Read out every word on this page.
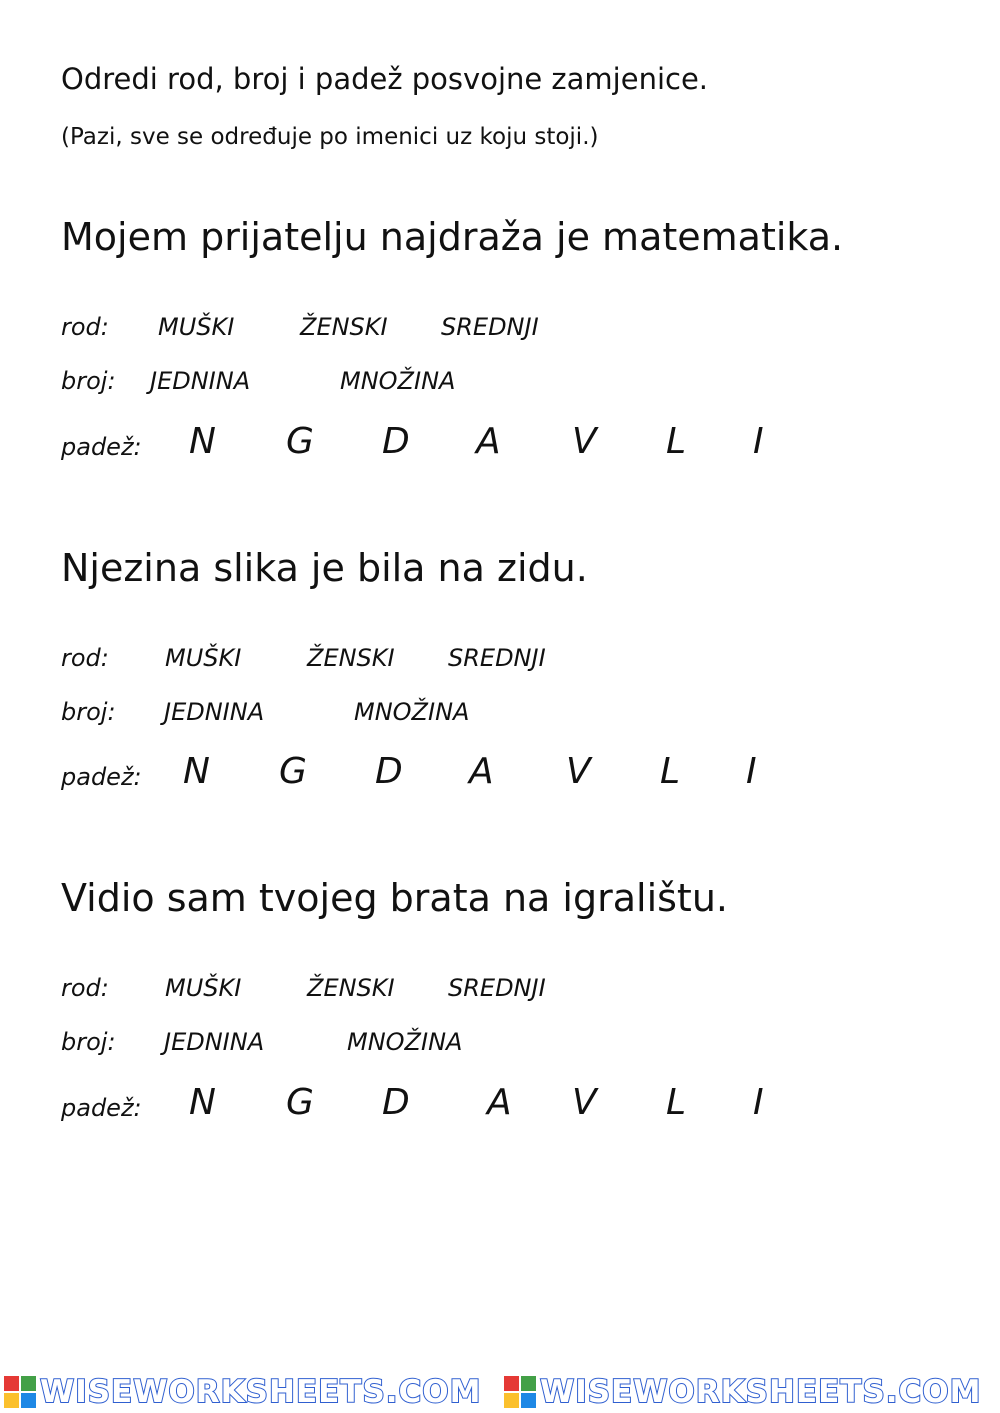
Odredi rod, broj i padež posvojne zamjenice.
(Pazi, sve se određuje po imenici uz koju stoji.)
Mojem prijatelju najdraža je matematika.
rod: MUŠKI	ŽENSKI SREDNJI
broj: JEDNINA	MNOŽINA
padež: N G D A V L I
Njezina slika je bila na zidu.
rod: MUŠKI	ŽENSKI SREDNJI
broj: JEDNINA	MNOŽINA
padež: N G D A V L I
Vidio sam tvojeg brata na igralištu.
rod: MUŠKI	ŽENSKI SREDNJI
broj: JEDNINA	MNOŽINA
padež: N G D A V L I
WISEWORKSHEETS.COM WISEWORKSHEETS.COM
